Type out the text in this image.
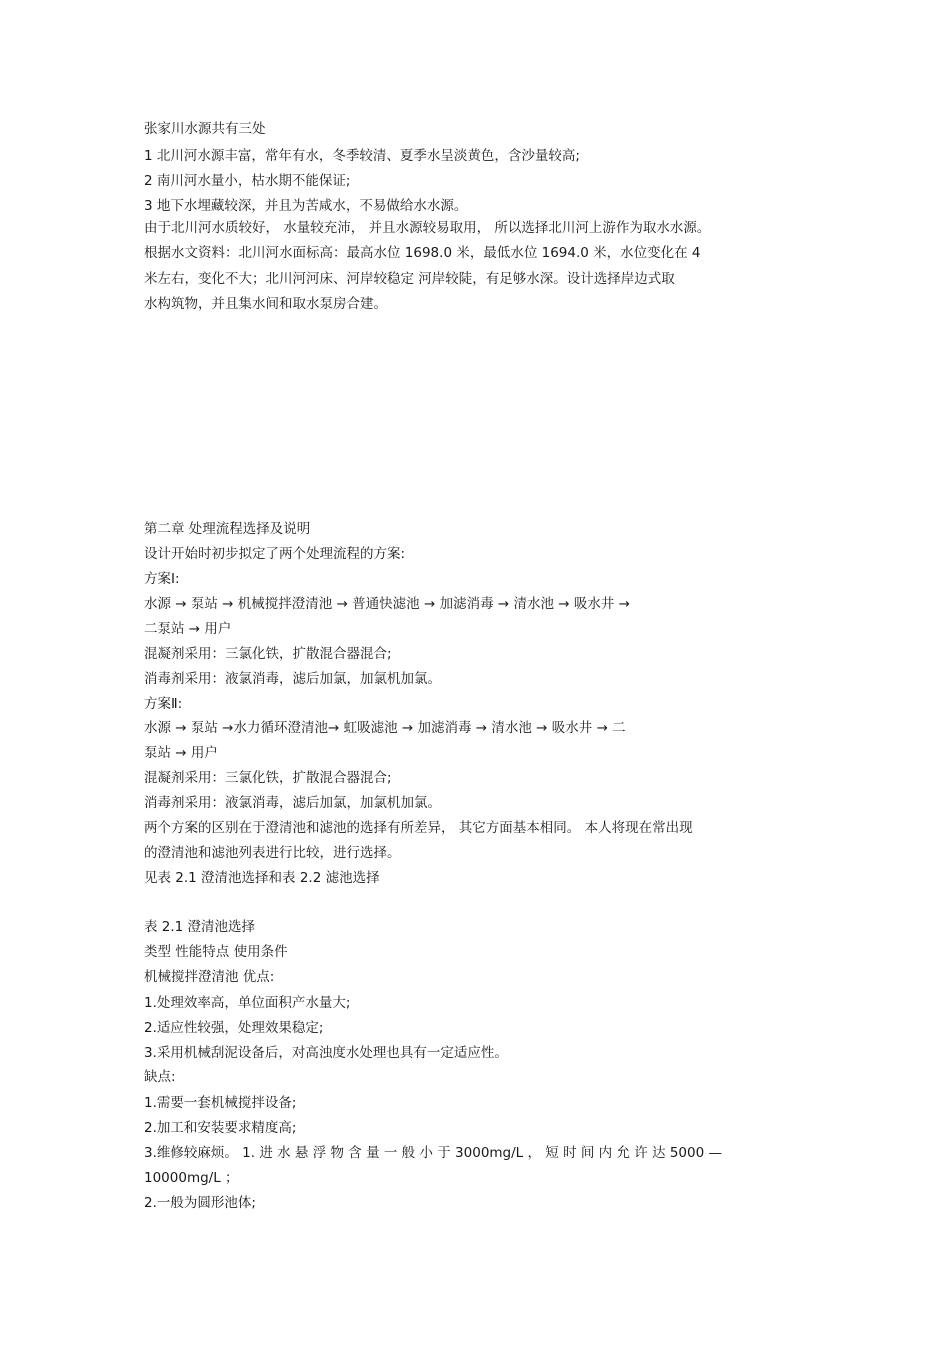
张家川水源共有三处
1 北川河水源丰富，常年有水，冬季较清、夏季水呈淡黄色，含沙量较高;
2 南川河水量小，枯水期不能保证;
3 地下水埋藏较深，并且为苦咸水，不易做给水水源。
由于北川河水质较好， 水量较充沛， 并且水源较易取用， 所以选择北川河上游作为取水水源。
根据水文资料：北川河水面标高：最高水位 1698.0 米，最低水位 1694.0 米，水位变化在 4
米左右，变化不大；北川河河床、河岸较稳定 河岸较陡，有足够水深。设计选择岸边式取
水构筑物，并且集水间和取水泵房合建。
第二章 处理流程选择及说明
设计开始时初步拟定了两个处理流程的方案:
方案Ⅰ:
水源 → 泵站 → 机械搅拌澄清池 → 普通快滤池 → 加滤消毒 → 清水池 → 吸水井 →
二泵站 → 用户
混凝剂采用：三氯化铁，扩散混合器混合;
消毒剂采用：液氯消毒，滤后加氯，加氯机加氯。
方案Ⅱ:
水源 → 泵站 →水力循环澄清池→ 虹吸滤池 → 加滤消毒 → 清水池 → 吸水井 → 二
泵站 → 用户
混凝剂采用：三氯化铁，扩散混合器混合;
消毒剂采用：液氯消毒，滤后加氯，加氯机加氯。
两个方案的区别在于澄清池和滤池的选择有所差异， 其它方面基本相同。 本人将现在常出现
的澄清池和滤池列表进行比较，进行选择。
见表 2.1 澄清池选择和表 2.2 滤池选择
表 2.1 澄清池选择
类型 性能特点 使用条件
机械搅拌澄清池 优点:
1.处理效率高，单位面积产水量大;
2.适应性较强，处理效果稳定;
3.采用机械刮泥设备后，对高浊度水处理也具有一定适应性。
缺点:
1.需要一套机械搅拌设备;
2.加工和安装要求精度高;
3.维修较麻烦。 1. 进 水 悬 浮 物 含 量 一 般 小 于 3000mg/L ， 短 时 间 内 允 许 达 5000 —
10000mg/L ；
2.一般为圆形池体;
